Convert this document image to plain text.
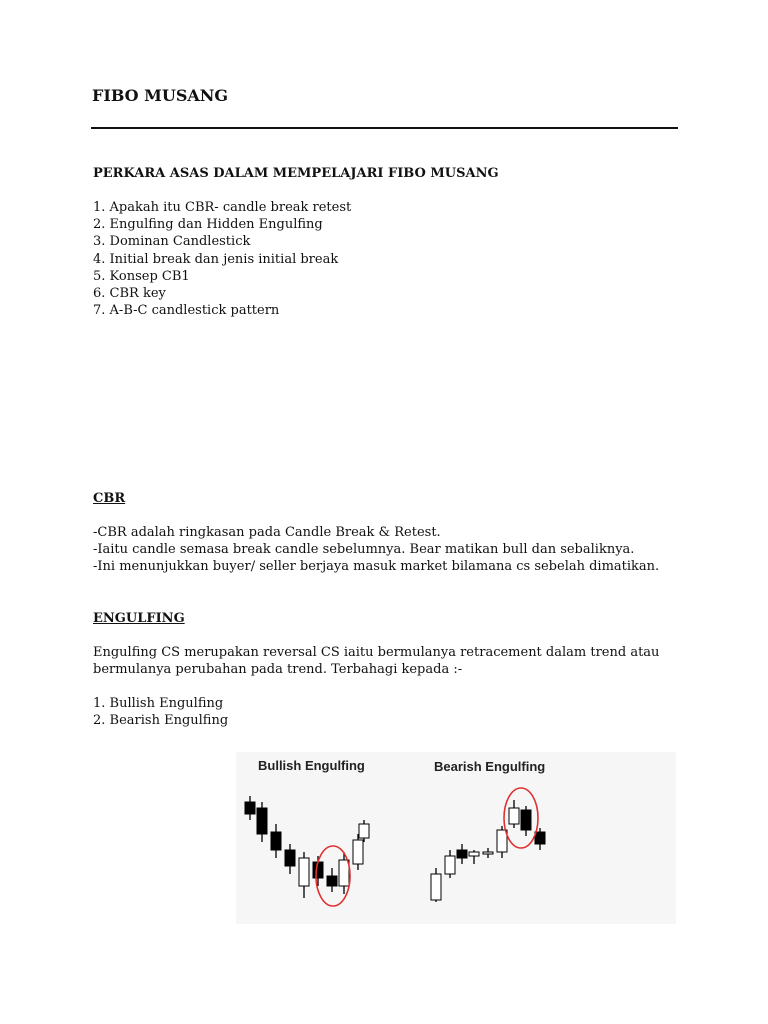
FIBO MUSANG
PERKARA ASAS DALAM MEMPELAJARI FIBO MUSANG
1. Apakah itu CBR- candle break retest
2. Engulfing dan Hidden Engulfing
3. Dominan Candlestick
4. Initial break dan jenis initial break
5. Konsep CB1
6. CBR key
7. A-B-C candlestick pattern
CBR
-CBR adalah ringkasan pada Candle Break & Retest.
-Iaitu candle semasa break candle sebelumnya. Bear matikan bull dan sebaliknya.
-Ini menunjukkan buyer/ seller berjaya masuk market bilamana cs sebelah dimatikan.
ENGULFING
Engulfing CS merupakan reversal CS iaitu bermulanya retracement dalam trend atau
bermulanya perubahan pada trend. Terbahagi kepada :-
1. Bullish Engulfing
2. Bearish Engulfing
Bullish Engulfing	Bearish Engulfing
